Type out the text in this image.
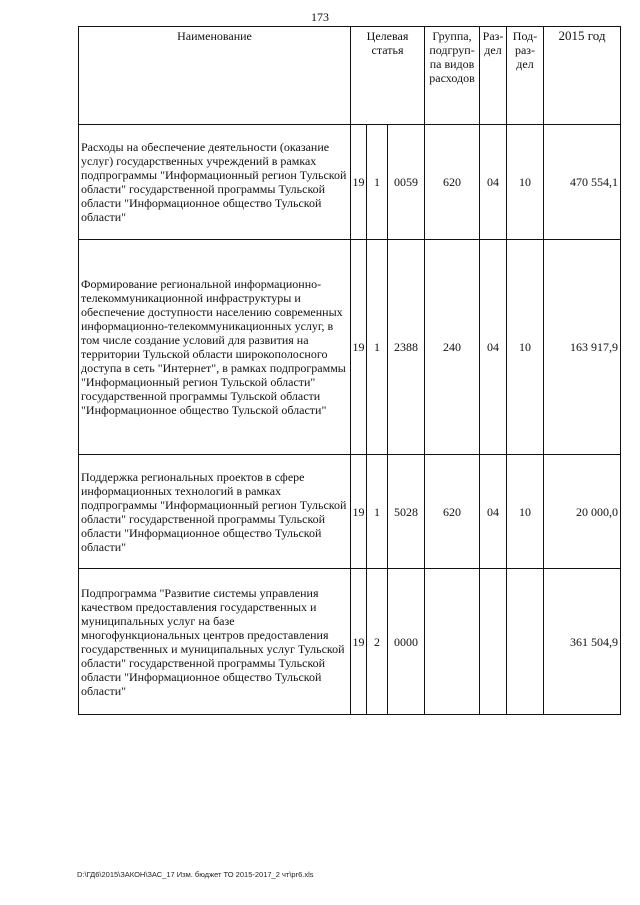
173
Наименование	Целевая статья			Группа, подгруп-па видов расходов	Раз-дел	Под-раз-дел	2015 год
Расходы на обеспечение деятельности (оказание услуг) государственных учреждений в рамках подпрограммы "Информационный регион Тульской области" государственной программы Тульской области "Информационное общество Тульской области"	19	1	0059	620	04	10	470 554,1
Формирование региональной информационно-телекоммуникационной инфраструктуры и обеспечение доступности населению современных информационно-телекоммуникационных услуг, в том числе создание условий для развития на территории Тульской области широкополосного доступа в сеть "Интернет", в рамках подпрограммы "Информационный регион Тульской области" государственной программы Тульской области "Информационное общество Тульской области"	19	1	2388	240	04	10	163 917,9
Поддержка региональных проектов в сфере информационных технологий в рамках подпрограммы "Информационный регион Тульской области" государственной программы Тульской области "Информационное общество Тульской области"	19	1	5028	620	04	10	20 000,0
Подпрограмма "Развитие системы управления качеством предоставления государственных и муниципальных услуг на базе многофункциональных центров предоставления государственных и муниципальных услуг Тульской области" государственной программы Тульской области "Информационное общество Тульской области"	19	2	0000				361 504,9
D:\ГД6\2015\ЗАКОН\ЗАС_17 Изм. бюджет ТО 2015-2017_2 чт\pr6.xls
